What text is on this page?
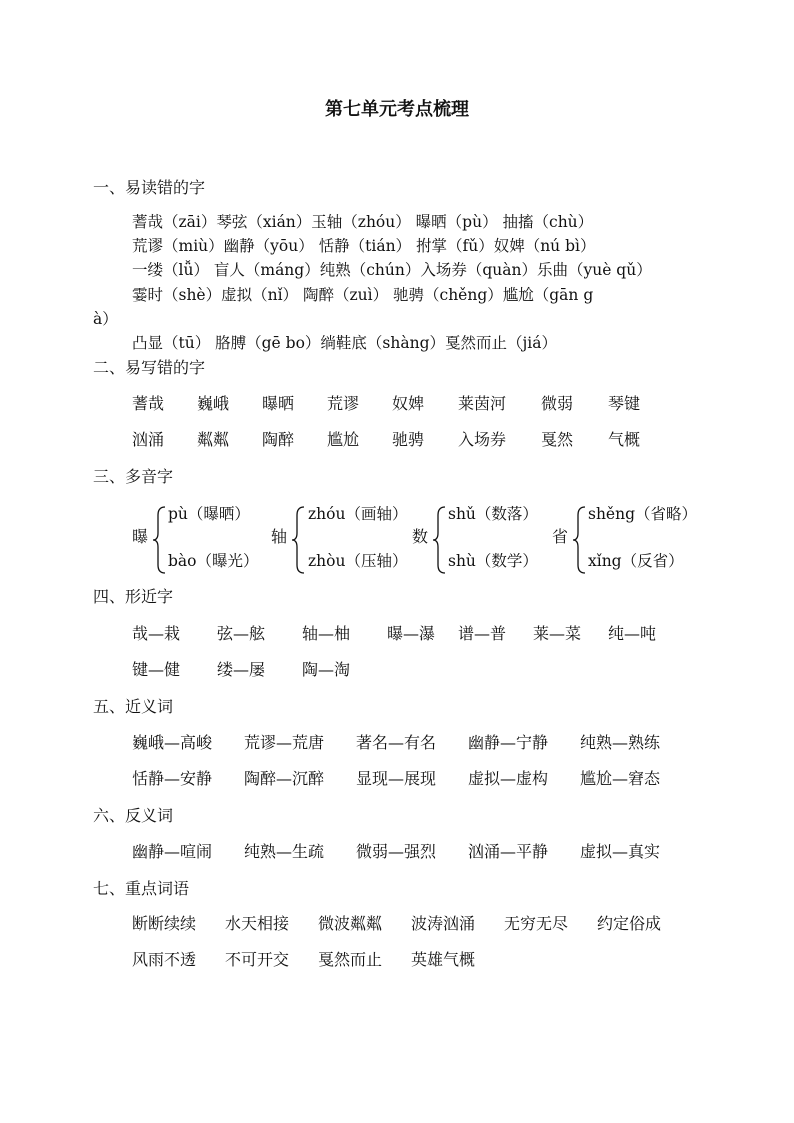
第七单元考点梳理
一、易读错的字
蓍哉（zāi）琴弦（xián）玉轴（zhóu） 曝晒（pù） 抽搐（chù）
荒谬（miù）幽静（yōu） 恬静（tián） 拊掌（fǔ）奴婢（nú bì）
一缕（lǚ） 盲人（máng）纯熟（chún）入场券（quàn）乐曲（yuè qǔ）
霎时（shè）虚拟（nǐ） 陶醉（zuì） 驰骋（chěng）尴尬（gān g
à）
凸显（tū） 胳膊（gē bo）绱鞋底（shàng）戛然而止（jiá）
二、易写错的字
蓍哉 巍峨 曝晒 荒谬 奴婢 莱茵河 微弱 琴键
汹涌 粼粼 陶醉 尴尬 驰骋 入场券 戛然 气概
三、多音字
曝
pù（曝晒）
bào（曝光）
轴
zhóu（画轴）
zhòu（压轴）
数
shǔ（数落）
shù（数学）
省
shěng（省略）
xǐng（反省）
四、形近字
哉—栽 弦—舷 轴—柚 曝—瀑 谱—普 莱—菜 纯—吨
键—健 缕—屡 陶—淘
五、近义词
巍峨—高峻 荒谬—荒唐 著名—有名 幽静—宁静 纯熟—熟练
恬静—安静 陶醉—沉醉 显现—展现 虚拟—虚构 尴尬—窘态
六、反义词
幽静—喧闹 纯熟—生疏 微弱—强烈 汹涌—平静 虚拟—真实
七、重点词语
断断续续 水天相接 微波粼粼 波涛汹涌 无穷无尽 约定俗成
风雨不透 不可开交 戛然而止 英雄气概
